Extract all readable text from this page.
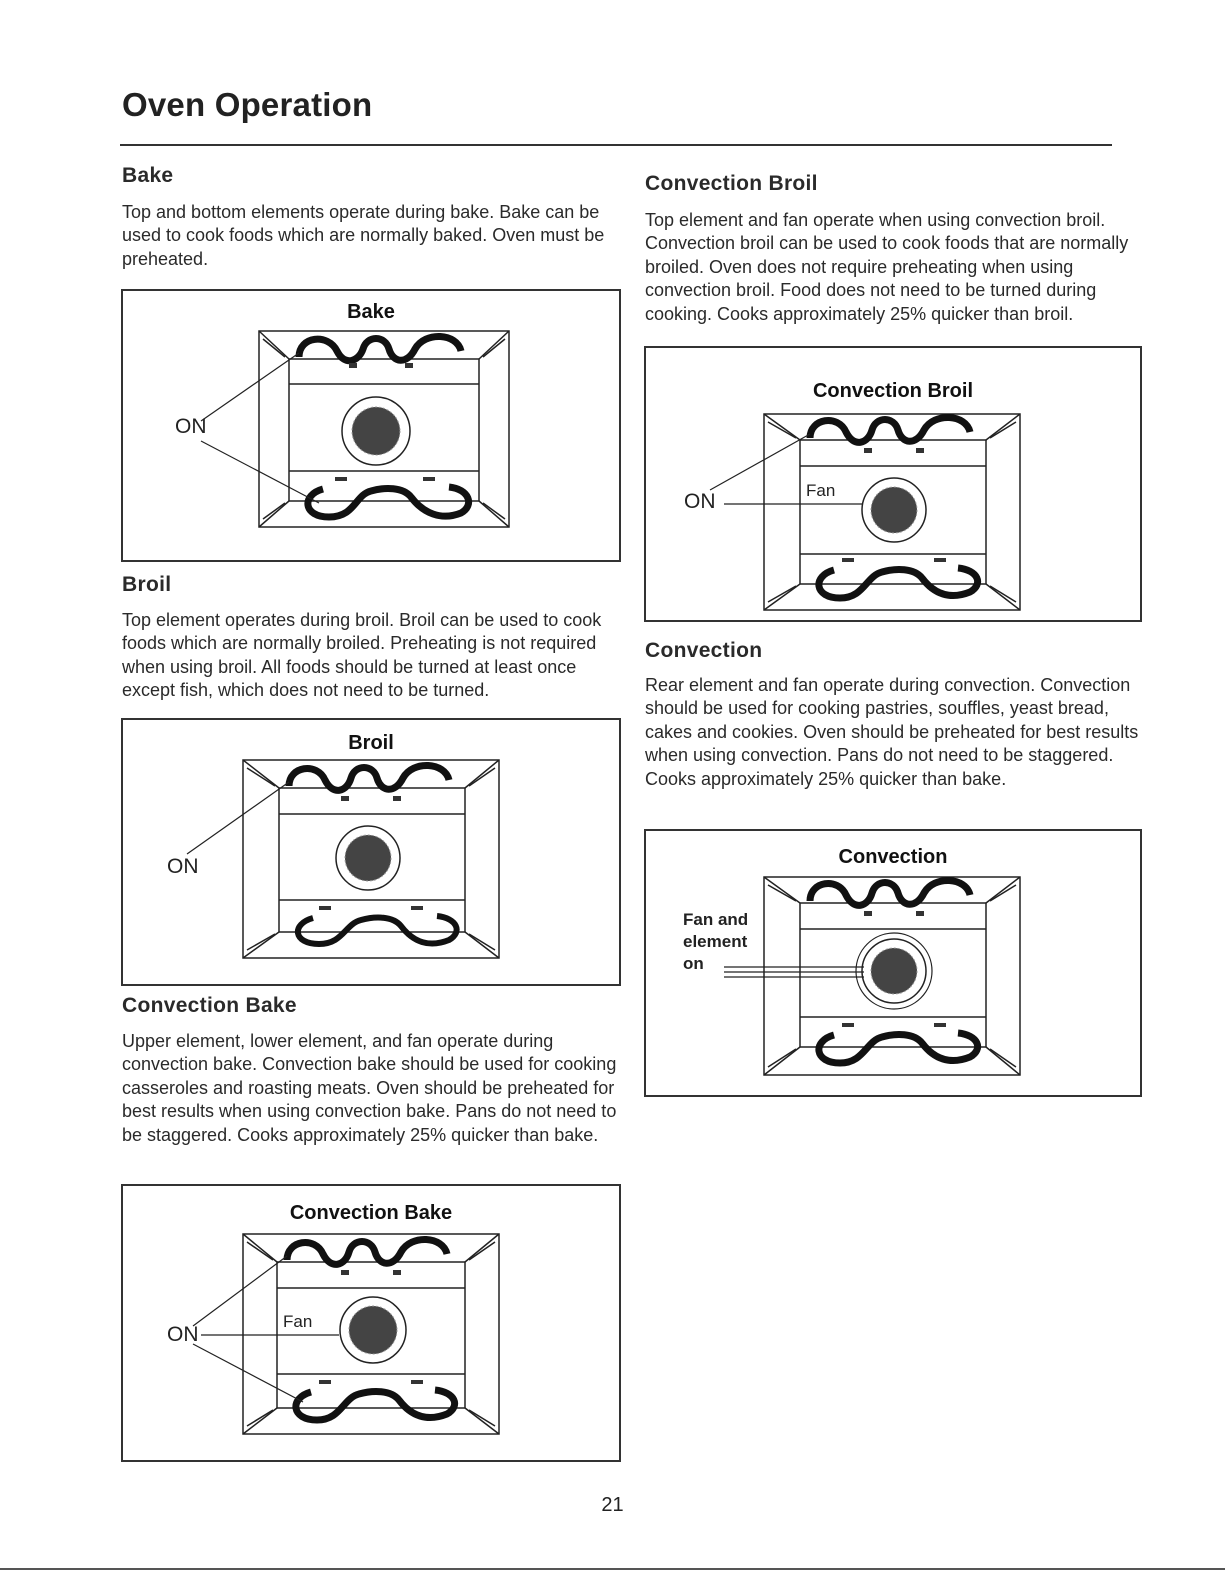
Oven Operation
Bake

Top and bottom elements operate during bake. Bake can be used to cook foods which are normally baked. Oven must be preheated.

Bake
ON
Broil

Top element operates during broil. Broil can be used to cook foods which are normally broiled. Preheating is not required when using broil. All foods should be turned at least once except fish, which does not need to be turned.

Broil
ON
Convection Bake

Upper element, lower element, and fan operate during convection bake. Convection bake should be used for cooking casseroles and roasting meats. Oven should be preheated for best results when using convection bake. Pans do not need to be staggered. Cooks approximately 25% quicker than bake.

Convection Bake
ON
Fan
Convection Broil

Top element and fan operate when using convection broil. Convection broil can be used to cook foods that are normally broiled. Oven does not require preheating when using convection broil. Food does not need to be turned during cooking. Cooks approximately 25% quicker than broil.

Convection Broil
ON	Fan
Convection

Rear element and fan operate during convection. Convection should be used for cooking pastries, souffles, yeast bread, cakes and cookies. Oven should be preheated for best results when using convection. Pans do not need to be staggered. Cooks approximately 25% quicker than bake.

Convection
Fan and
element
on
21
